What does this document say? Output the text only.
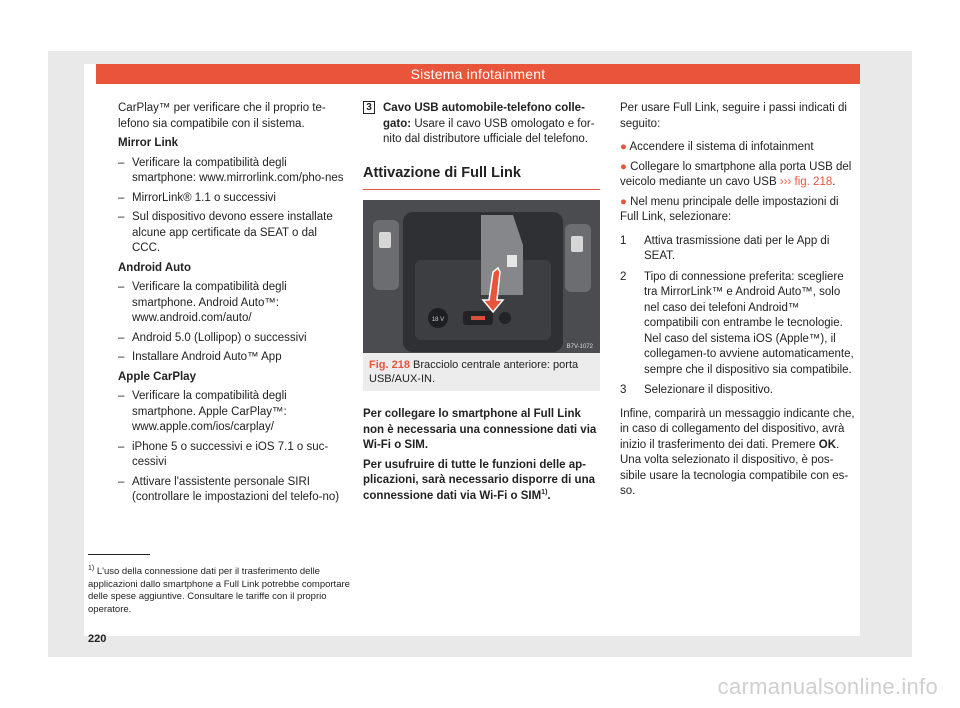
Sistema infotainment
CarPlay™ per verificare che il proprio te-lefono sia compatibile con il sistema.
Mirror Link
– Verificare la compatibilità degli smartphone: www.mirrorlink.com/pho-nes
– MirrorLink® 1.1 o successivi
– Sul dispositivo devono essere installate alcune app certificate da SEAT o dal CCC.
Android Auto
– Verificare la compatibilità degli smartphone. Android Auto™: www.android.com/auto/
– Android 5.0 (Lollipop) o successivi
– Installare Android Auto™ App
Apple CarPlay
– Verificare la compatibilità degli smartphone. Apple CarPlay™: www.apple.com/ios/carplay/
– iPhone 5 o successivi e iOS 7.1 o suc-cessivi
– Attivare l'assistente personale SIRI (controllare le impostazioni del telefo-no)
3 Cavo USB automobile-telefono colle-gato: Usare il cavo USB omologato e for-nito dal distributore ufficiale del telefono.
Attivazione di Full Link
18 V
B7V-1072
Fig. 218 Bracciolo centrale anteriore: porta USB/AUX-IN.
Per collegare lo smartphone al Full Link non è necessaria una connessione dati via Wi-Fi o SIM.
Per usufruire di tutte le funzioni delle ap-plicazioni, sarà necessario disporre di una connessione dati via Wi-Fi o SIM$^{1)}$.
Per usare Full Link, seguire i passi indicati di seguito:
● Accendere il sistema di infotainment
● Collegare lo smartphone alla porta USB del veicolo mediante un cavo USB ››› fig. 218.
● Nel menu principale delle impostazioni di Full Link, selezionare:
1 Attiva trasmissione dati per le App di SEAT.
2 Tipo di connessione preferita: scegliere tra MirrorLink™ e Android Auto™, solo nel caso dei telefoni Android™ compatibili con entrambe le tecnologie. Nel caso del sistema iOS (Apple™), il collegamen-to avviene automaticamente, sempre che il dispositivo sia compatibile.
3 Selezionare il dispositivo.
Infine, comparirà un messaggio indicante che, in caso di collegamento del dispositivo, avrà inizio il trasferimento dei dati. Premere OK. Una volta selezionato il dispositivo, è pos-sibile usare la tecnologia compatibile con es-so.
$^{1)}$ L'uso della connessione dati per il trasferimento delle applicazioni dallo smartphone a Full Link potrebbe comportare delle spese aggiuntive. Consultare le tariffe con il proprio operatore.
220
carmanualsonline.info
